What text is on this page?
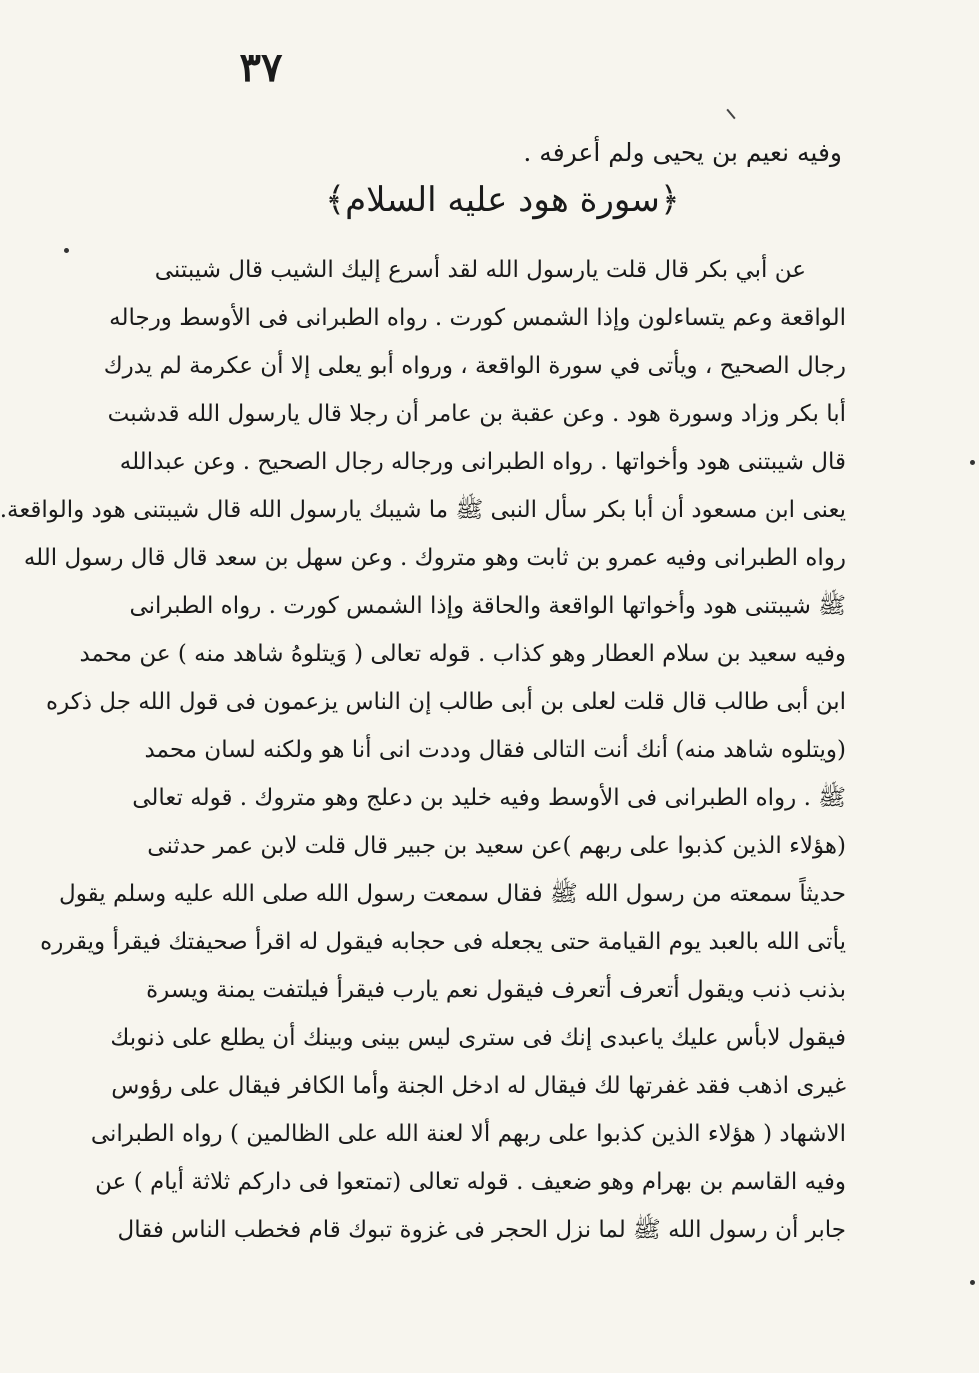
٣٧
وفيه نعيم بن يحيى ولم أعرفه .
﴿سورة هود عليه السلام﴾
عن أبي بكر قال قلت يارسول الله لقد أسرع إليك الشيب قال شيبتنى
الواقعة وعم يتساءلون وإذا الشمس كورت . رواه الطبرانى فى الأوسط ورجاله
رجال الصحيح ، ويأتى في سورة الواقعة ، ورواه أبو يعلى إلا أن عكرمة لم يدرك
أبا بكر وزاد وسورة هود . وعن عقبة بن عامر أن رجلا قال يارسول الله قدشبت
قال شيبتنى هود وأخواتها . رواه الطبرانى ورجاله رجال الصحيح . وعن عبدالله
يعنى ابن مسعود أن أبا بكر سأل النبى ﷺ ما شيبك يارسول الله قال شيبتنى هود والواقعة.
رواه الطبرانى وفيه عمرو بن ثابت وهو متروك . وعن سهل بن سعد قال قال رسول الله
ﷺ شيبتنى هود وأخواتها الواقعة والحاقة وإذا الشمس كورت . رواه الطبرانى
وفيه سعيد بن سلام العطار وهو كذاب . قوله تعالى ( وَيتلوهُ شاهد منه ) عن محمد
ابن أبى طالب قال قلت لعلى بن أبى طالب إن الناس يزعمون فى قول الله جل ذكره
(ويتلوه شاهد منه) أنك أنت التالى فقال وددت انى أنا هو ولكنه لسان محمد
ﷺ . رواه الطبرانى فى الأوسط وفيه خليد بن دعلج وهو متروك . قوله تعالى
(هؤلاء الذين كذبوا على ربهم )عن سعيد بن جبير قال قلت لابن عمر حدثنى
حديثاً سمعته من رسول الله ﷺ فقال سمعت رسول الله صلى الله عليه وسلم يقول
يأتى الله بالعبد يوم القيامة حتى يجعله فى حجابه فيقول له اقرأ صحيفتك فيقرأ ويقرره
بذنب ذنب ويقول أتعرف أتعرف فيقول نعم يارب فيقرأ فيلتفت يمنة ويسرة
فيقول لابأس عليك ياعبدى إنك فى سترى ليس بينى وبينك أن يطلع على ذنوبك
غيرى اذهب فقد غفرتها لك فيقال له ادخل الجنة وأما الكافر فيقال على رؤوس
الاشهاد ( هؤلاء الذين كذبوا على ربهم ألا لعنة الله على الظالمين ) رواه الطبرانى
وفيه القاسم بن بهرام وهو ضعيف . قوله تعالى (تمتعوا فى داركم ثلاثة أيام ) عن
جابر أن رسول الله ﷺ لما نزل الحجر فى غزوة تبوك قام فخطب الناس فقال
